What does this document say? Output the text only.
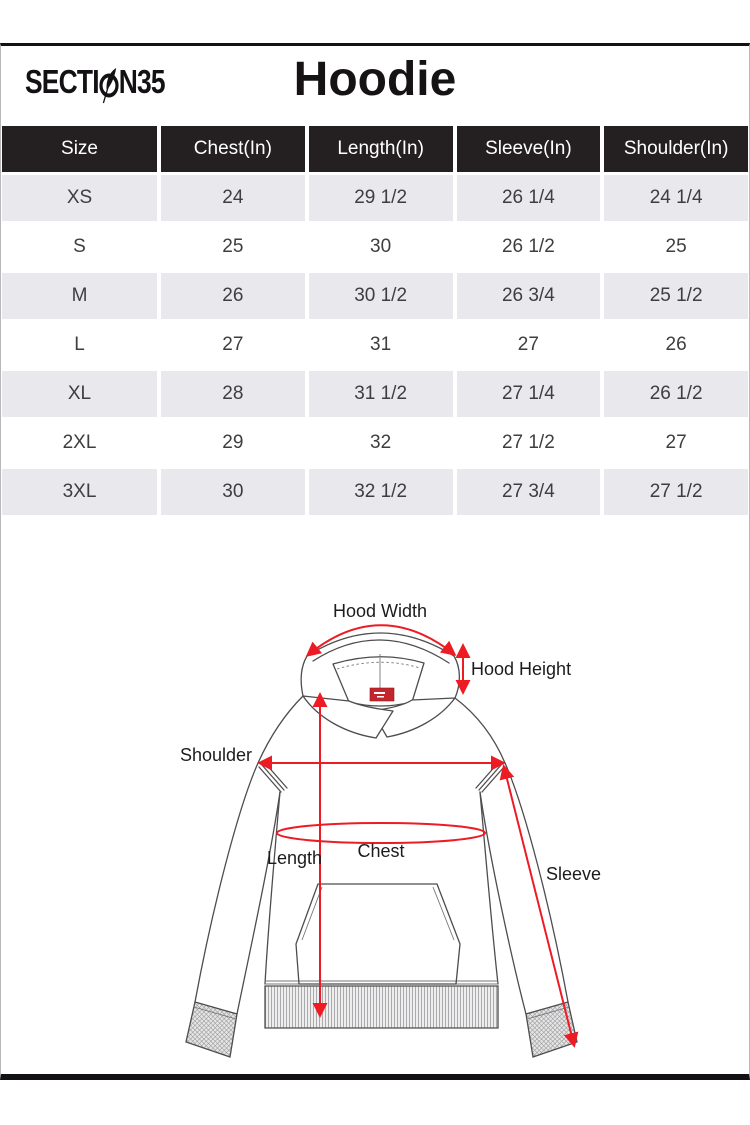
SECTI N35	Hoodie
Size	Chest(In)	Length(In)	Sleeve(In)	Shoulder(In)
XS	24	29 1/2	26 1/4	24 1/4
S	25	30	26 1/2	25
M	26	30 1/2	26 3/4	25 1/2
L	27	31	27	26
XL	28	31 1/2	27 1/4	26 1/2
2XL	29	32	27 1/2	27
3XL	30	32 1/2	27 3/4	27 1/2
Hood Width
Hood Height
Shoulder
Length Chest
Sleeve
